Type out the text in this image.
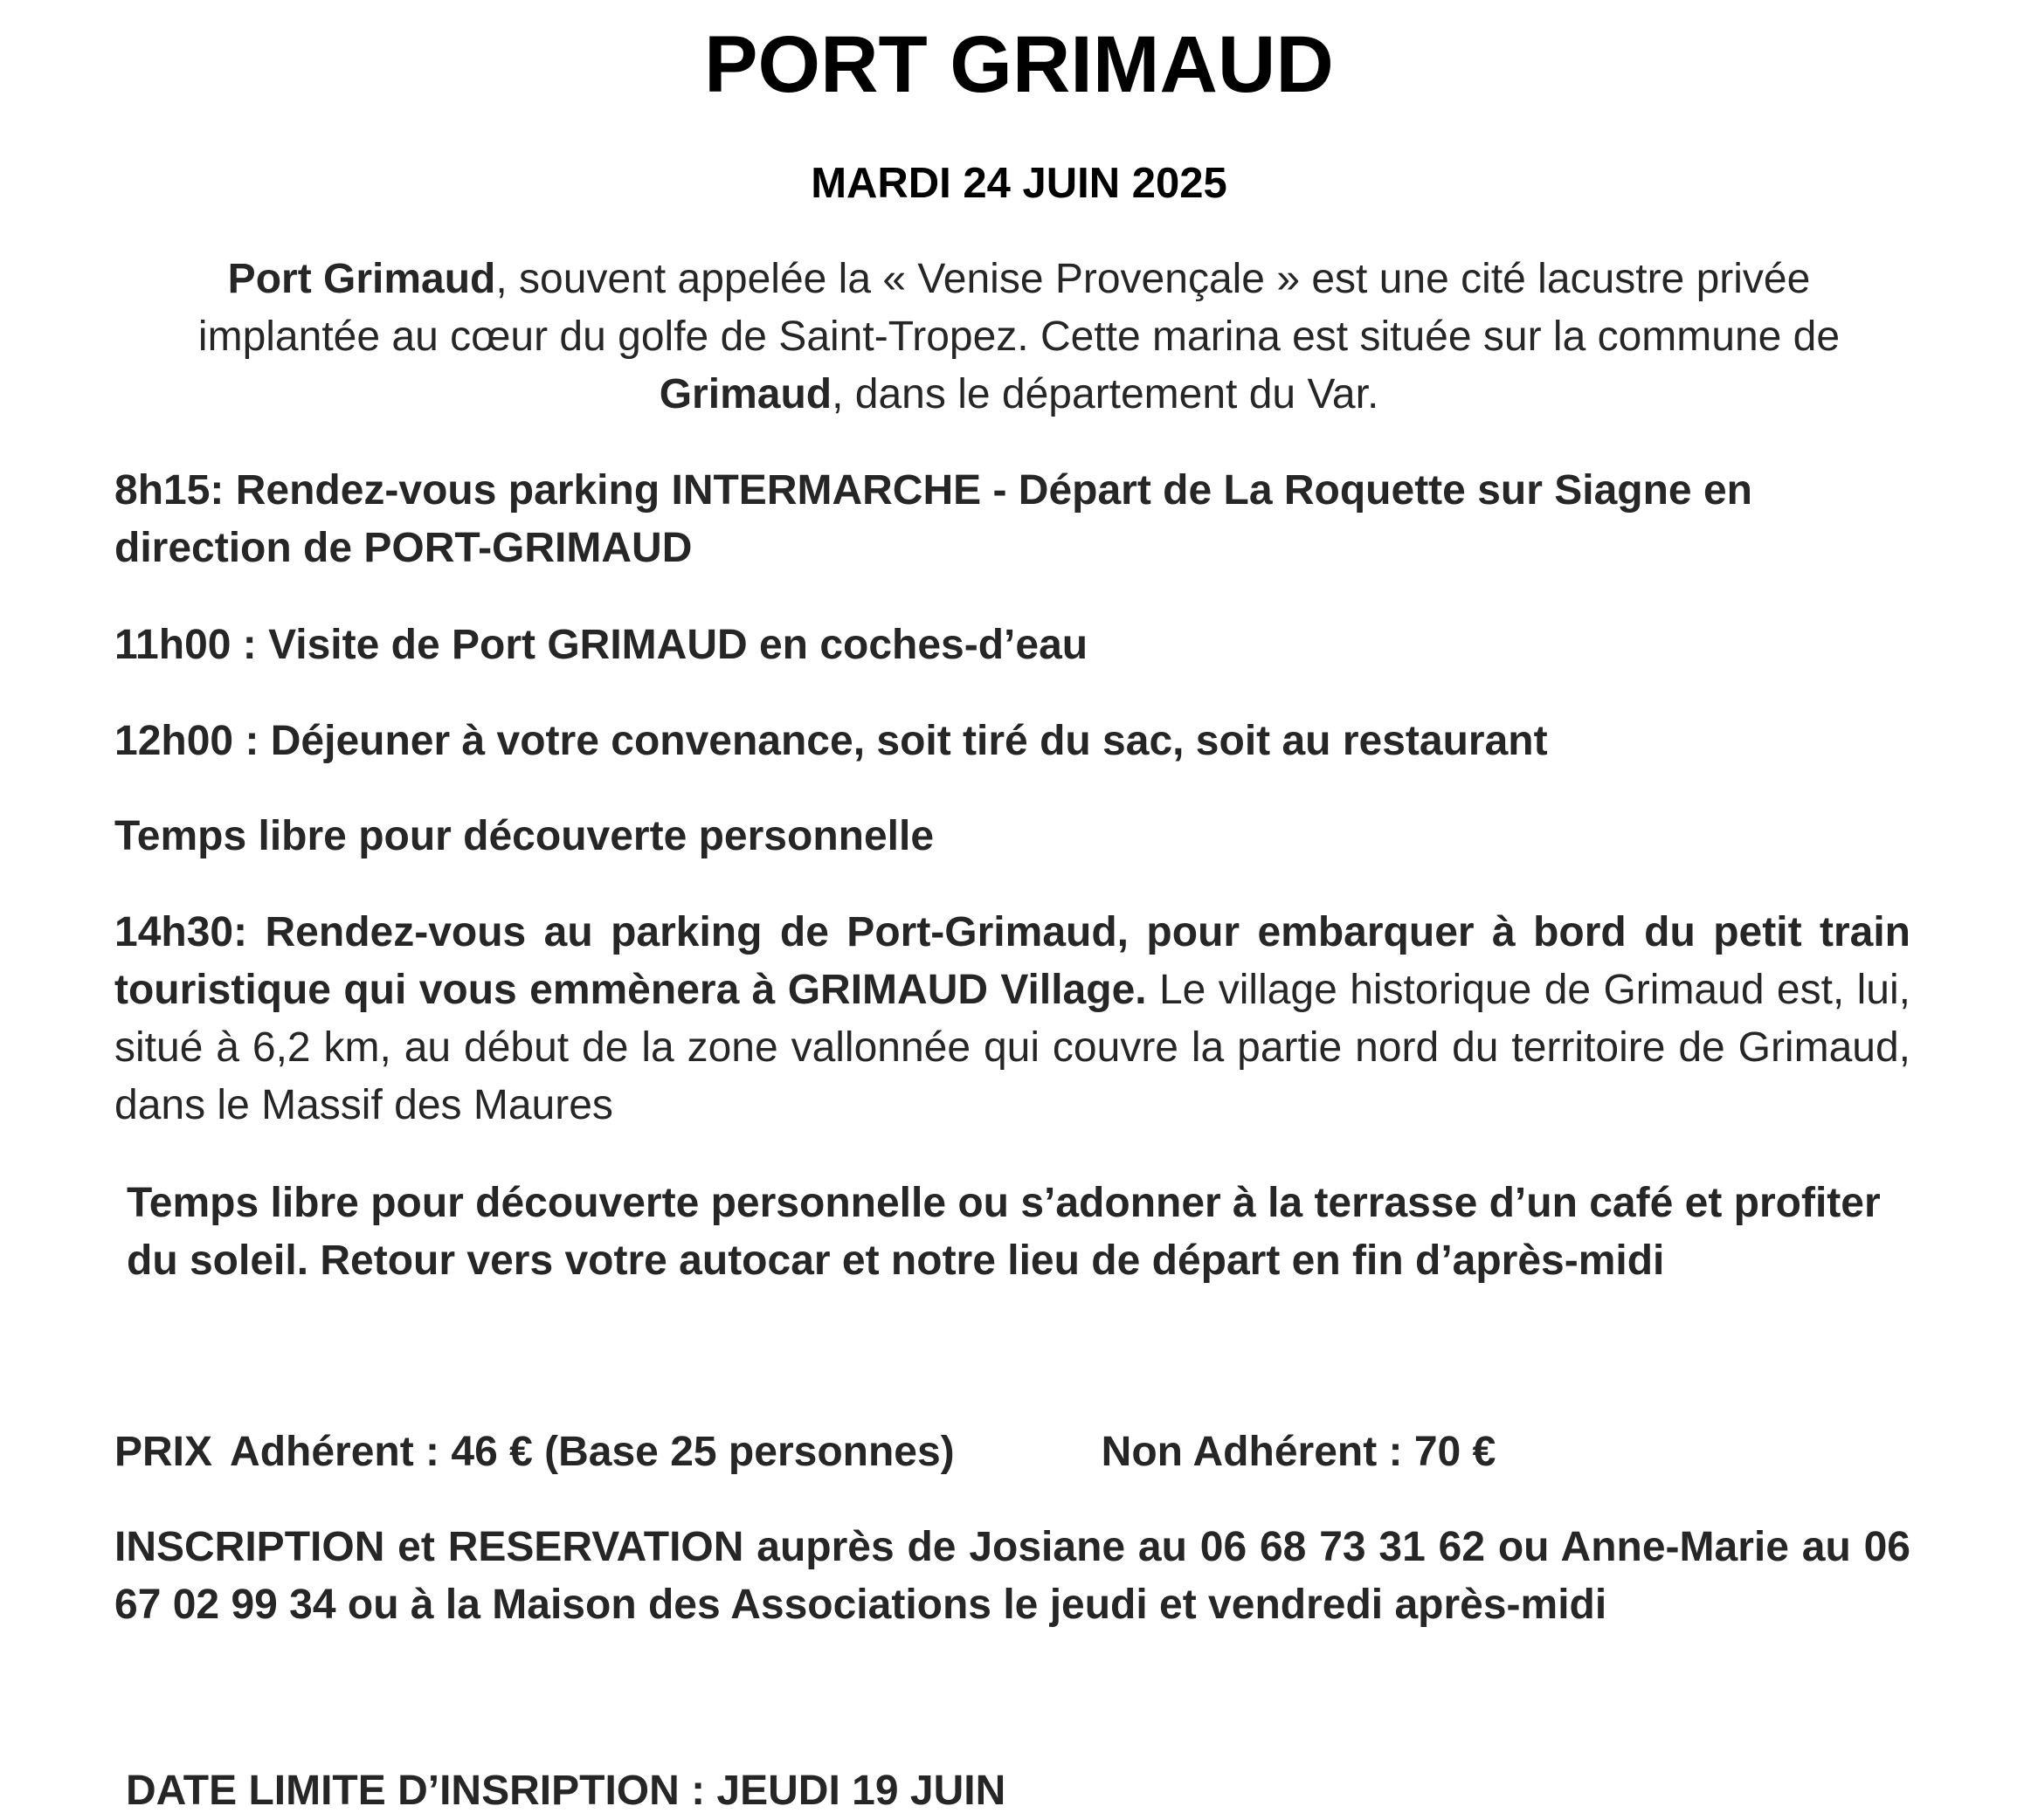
PORT GRIMAUD

MARDI 24 JUIN 2025

Port Grimaud, souvent appelée la « Venise Provençale » est une cité lacustre privée implantée au cœur du golfe de Saint-Tropez. Cette marina est située sur la commune de Grimaud, dans le département du Var.

8h15: Rendez-vous parking INTERMARCHE - Départ de La Roquette sur Siagne en direction de PORT-GRIMAUD

11h00 : Visite de Port GRIMAUD en coches-d’eau

12h00 : Déjeuner à votre convenance, soit tiré du sac, soit au restaurant

Temps libre pour découverte personnelle

14h30: Rendez-vous au parking de Port-Grimaud, pour embarquer à bord du petit train touristique qui vous emmènera à GRIMAUD Village. Le village historique de Grimaud est, lui, situé à 6,2 km, au début de la zone vallonnée qui couvre la partie nord du territoire de Grimaud, dans le Massif des Maures

Temps libre pour découverte personnelle ou s’adonner à la terrasse d’un café et profiter du soleil. Retour vers votre autocar et notre lieu de départ en fin d’après-midi

PRIX Adhérent : 46 € (Base 25 personnes)	Non Adhérent : 70 €

INSCRIPTION et RESERVATION auprès de Josiane au 06 68 73 31 62 ou Anne-Marie au 06 67 02 99 34 ou à la Maison des Associations le jeudi et vendredi après-midi

DATE LIMITE D’INSRIPTION : JEUDI 19 JUIN
